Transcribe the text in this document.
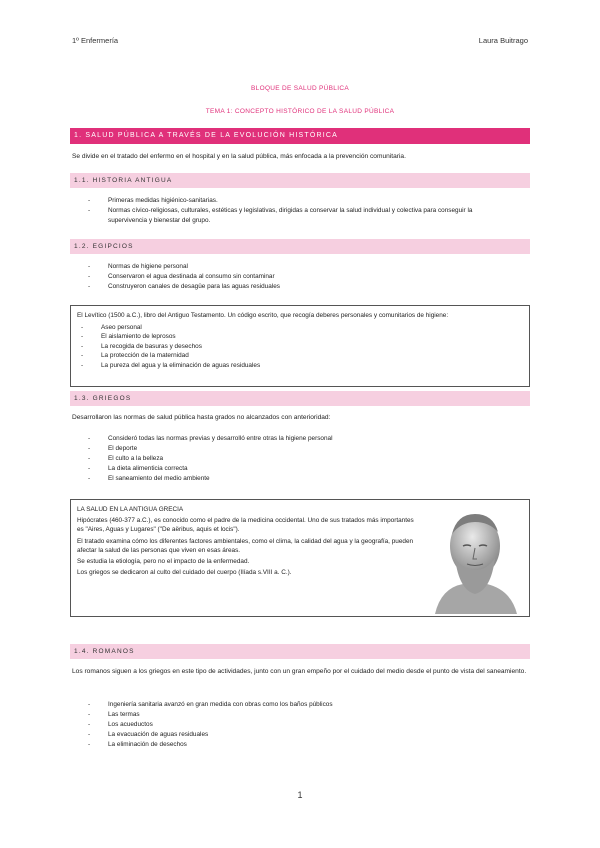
1º Enfermería	Laura Buitrago
BLOQUE DE SALUD PÚBLICA
TEMA 1: CONCEPTO HISTÓRICO DE LA SALUD PÚBLICA
1. SALUD PÚBLICA A TRAVÉS DE LA EVOLUCIÓN HISTÓRICA
Se divide en el tratado del enfermo en el hospital y en la salud pública, más enfocada a la prevención comunitaria.
1.1. HISTORIA ANTIGUA
- Primeras medidas higiénico-sanitarias.
- Normas cívico-religiosas, culturales, estéticas y legislativas, dirigidas a conservar la salud individual y colectiva para conseguir la supervivencia y bienestar del grupo.
1.2. EGIPCIOS
- Normas de higiene personal
- Conservaron el agua destinada al consumo sin contaminar
- Construyeron canales de desagüe para las aguas residuales
El Levítico (1500 a.C.), libro del Antiguo Testamento. Un código escrito, que recogía deberes personales y comunitarios de higiene:
- Aseo personal
- El aislamiento de leprosos
- La recogida de basuras y desechos
- La protección de la maternidad
- La pureza del agua y la eliminación de aguas residuales
1.3. GRIEGOS
Desarrollaron las normas de salud pública hasta grados no alcanzados con anterioridad:
- Consideró todas las normas previas y desarrolló entre otras la higiene personal
- El deporte
- El culto a la belleza
- La dieta alimenticia correcta
- El saneamiento del medio ambiente
LA SALUD EN LA ANTIGUA GRECIA
Hipócrates (460-377 a.C.), es conocido como el padre de la medicina occidental. Uno de sus tratados más importantes es "Aires, Aguas y Lugares" ("De aëribus, aquis et locis").
El tratado examina cómo los diferentes factores ambientales, como el clima, la calidad del agua y la geografía, pueden afectar la salud de las personas que viven en esas áreas.
Se estudia la etiología, pero no el impacto de la enfermedad.
Los griegos se dedicaron al culto del cuidado del cuerpo (Ilíada s.VIII a. C.).
1.4. ROMANOS
Los romanos siguen a los griegos en este tipo de actividades, junto con un gran empeño por el cuidado del medio desde el punto de vista del saneamiento.
- Ingeniería sanitaria avanzó en gran medida con obras como los baños públicos
- Las termas
- Los acueductos
- La evacuación de aguas residuales
- La eliminación de desechos
1
